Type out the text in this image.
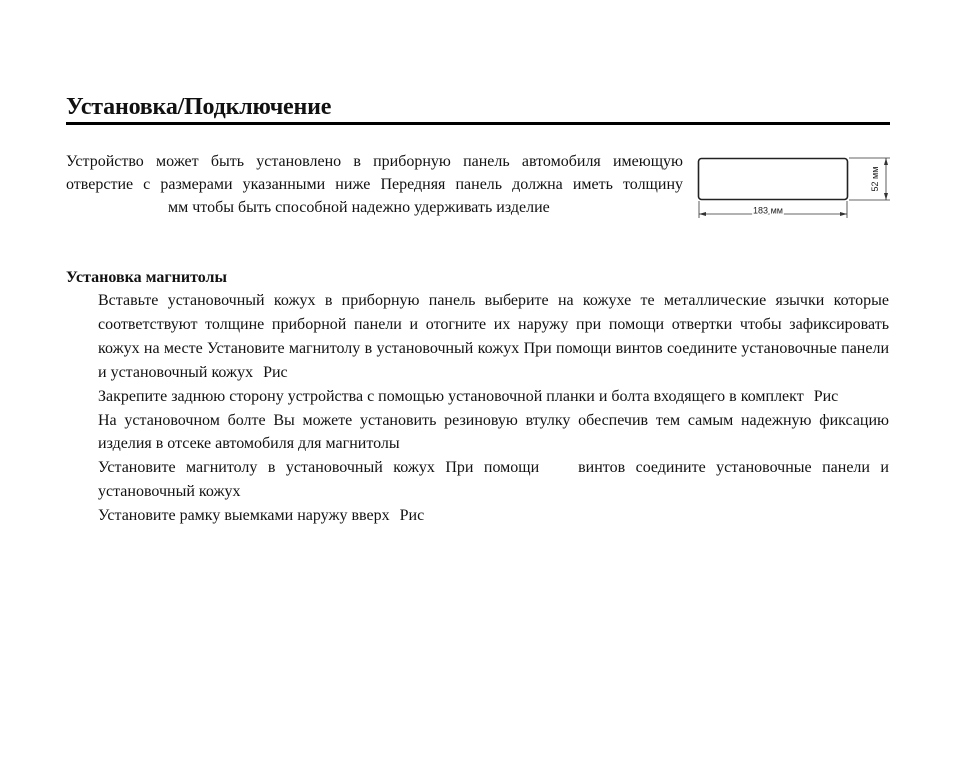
Установка/Подключение

Устройство может быть установлено в приборную панель автомобиля имеющую отверстие с размерами указанными ниже Передняя панель должна иметь толщину  мм чтобы быть способной надежно удерживать изделие	183 мм
52 мм
Установка магнитолы
Вставьте установочный кожух в приборную панель выберите на кожухе те металлические язычки которые соответствуют толщине приборной панели и отогните их наружу при помощи отвертки чтобы зафиксировать кожух на месте Установите магнитолу в установочный кожух При помощи винтов соедините установочные панели и установочный кожух Рис
Закрепите заднюю сторону устройства с помощью установочной планки и болта входящего в комплект Рис
На установочном болте Вы можете установить резиновую втулку обеспечив тем самым надежную фиксацию изделия в отсеке автомобиля для магнитолы
Установите магнитолу в установочный кожух При помощи винтов соедините установочные панели и установочный кожух
Установите рамку выемками наружу вверх Рис
